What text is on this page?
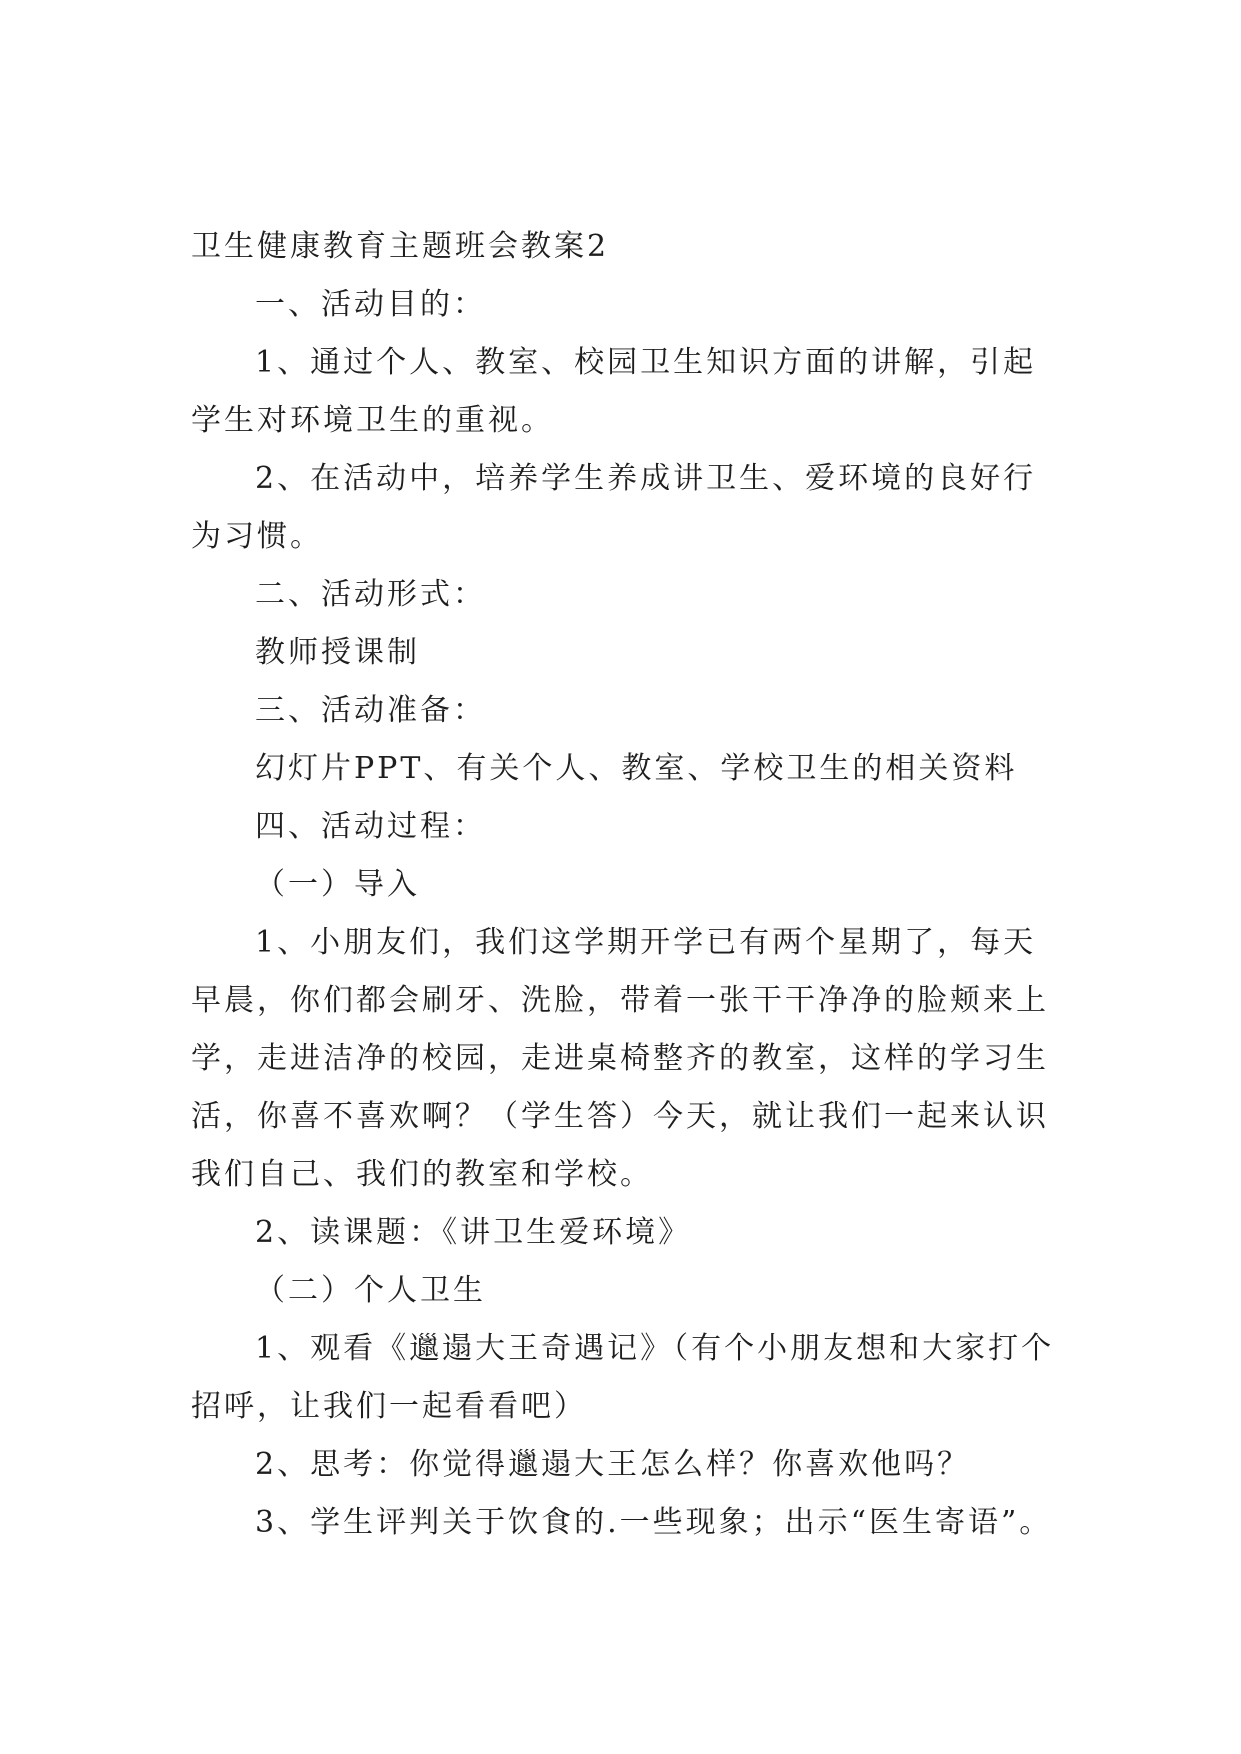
卫生健康教育主题班会教案2
一、活动目的：
1、通过个人、教室、校园卫生知识方面的讲解，引起
学生对环境卫生的重视。
2、在活动中，培养学生养成讲卫生、爱环境的良好行
为习惯。
二、活动形式：
教师授课制
三、活动准备：
幻灯片PPT、有关个人、教室、学校卫生的相关资料
四、活动过程：
（一）导入
1、小朋友们，我们这学期开学已有两个星期了，每天
早晨，你们都会刷牙、洗脸，带着一张干干净净的脸颊来上
学，走进洁净的校园，走进桌椅整齐的教室，这样的学习生
活，你喜不喜欢啊？（学生答）今天，就让我们一起来认识
我们自己、我们的教室和学校。
2、读课题：《讲卫生爱环境》
（二）个人卫生
1、观看《邋遢大王奇遇记》（有个小朋友想和大家打个
招呼，让我们一起看看吧）
2、思考：你觉得邋遢大王怎么样？你喜欢他吗？
3、学生评判关于饮食的.一些现象；出示“医生寄语”。
